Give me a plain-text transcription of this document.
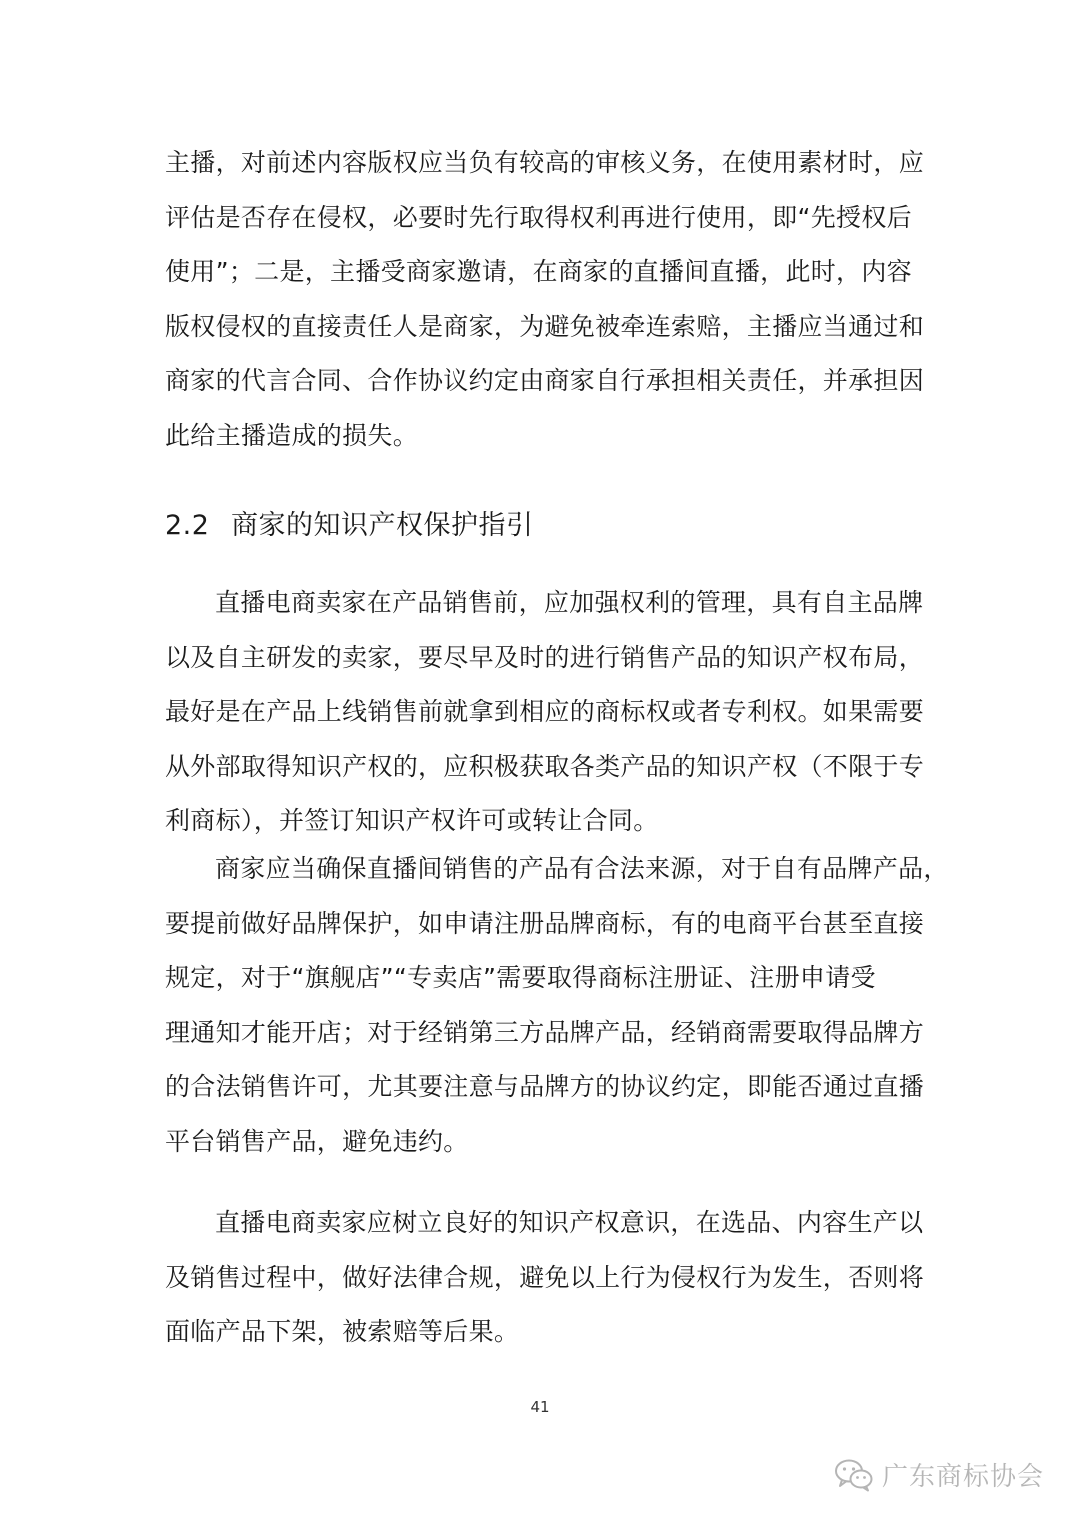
主播，对前述内容版权应当负有较高的审核义务，在使用素材时，应
评估是否存在侵权，必要时先行取得权利再进行使用，即“先授权后
使用”；二是，主播受商家邀请，在商家的直播间直播，此时，内容
版权侵权的直接责任人是商家，为避免被牵连索赔，主播应当通过和
商家的代言合同、合作协议约定由商家自行承担相关责任，并承担因
此给主播造成的损失。

2.2 商家的知识产权保护指引

直播电商卖家在产品销售前，应加强权利的管理，具有自主品牌
以及自主研发的卖家，要尽早及时的进行销售产品的知识产权布局，
最好是在产品上线销售前就拿到相应的商标权或者专利权。如果需要
从外部取得知识产权的，应积极获取各类产品的知识产权（不限于专
利商标），并签订知识产权许可或转让合同。

商家应当确保直播间销售的产品有合法来源，对于自有品牌产品，
要提前做好品牌保护，如申请注册品牌商标，有的电商平台甚至直接
规定，对于“旗舰店”“专卖店”需要取得商标注册证、注册申请受
理通知才能开店；对于经销第三方品牌产品，经销商需要取得品牌方
的合法销售许可，尤其要注意与品牌方的协议约定，即能否通过直播
平台销售产品，避免违约。

直播电商卖家应树立良好的知识产权意识，在选品、内容生产以
及销售过程中，做好法律合规，避免以上行为侵权行为发生，否则将
面临产品下架，被索赔等后果。

41
广东商标协会
